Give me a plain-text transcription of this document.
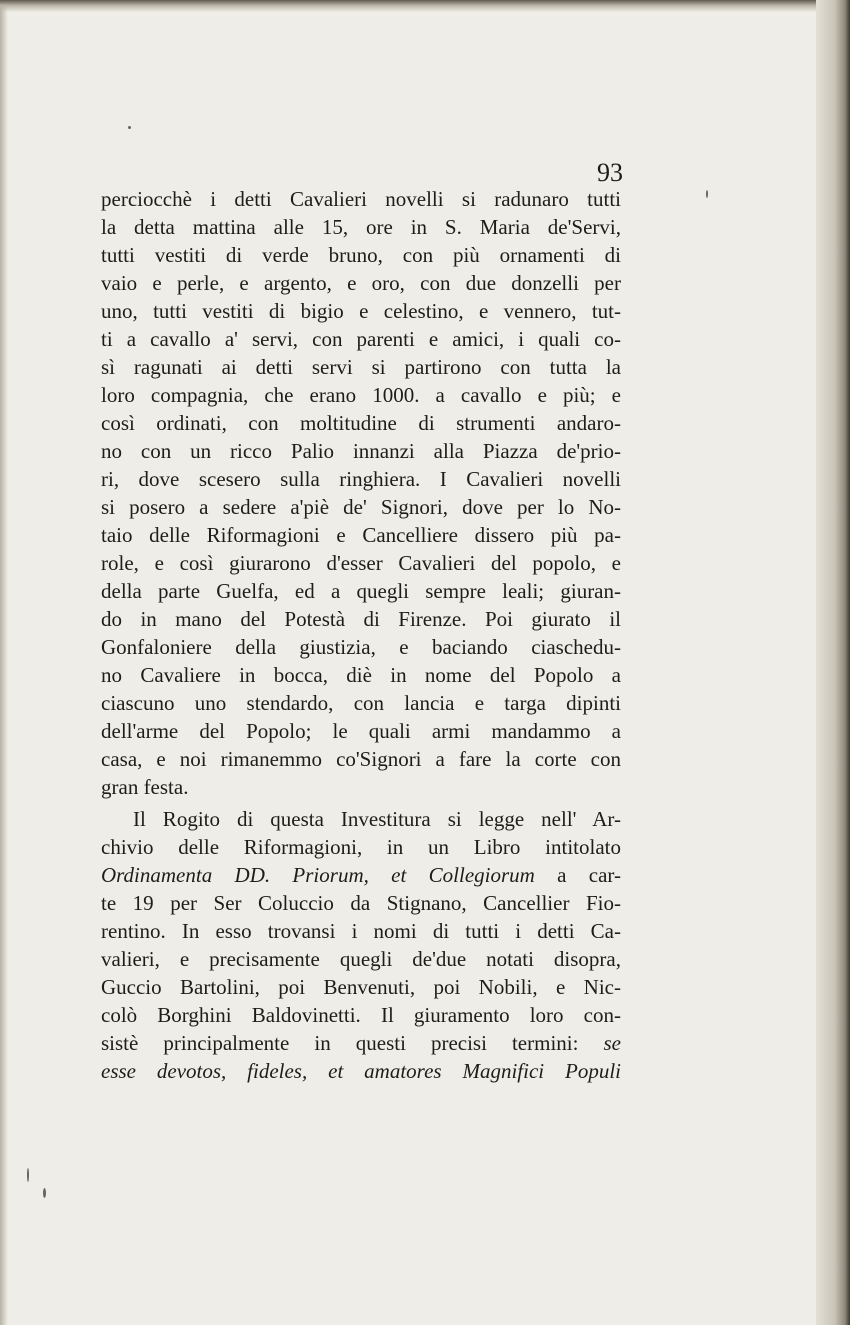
93
perciocchè i detti Cavalieri novelli si radunaro tutti
la detta mattina alle 15, ore in S. Maria de'Servi,
tutti vestiti di verde bruno, con più ornamenti di
vaio e perle, e argento, e oro, con due donzelli per
uno, tutti vestiti di bigio e celestino, e vennero, tut-
ti a cavallo a' servi, con parenti e amici, i quali co-
sì ragunati ai detti servi si partirono con tutta la
loro compagnia, che erano 1000. a cavallo e più; e
così ordinati, con moltitudine di strumenti andaro-
no con un ricco Palio innanzi alla Piazza de'prio-
ri, dove scesero sulla ringhiera. I Cavalieri novelli
si posero a sedere a'piè de' Signori, dove per lo No-
taio delle Riformagioni e Cancelliere dissero più pa-
role, e così giurarono d'esser Cavalieri del popolo, e
della parte Guelfa, ed a quegli sempre leali; giuran-
do in mano del Potestà di Firenze. Poi giurato il
Gonfaloniere della giustizia, e baciando ciaschedu-
no Cavaliere in bocca, diè in nome del Popolo a
ciascuno uno stendardo, con lancia e targa dipinti
dell'arme del Popolo; le quali armi mandammo a
casa, e noi rimanemmo co'Signori a fare la corte con
gran festa.
Il Rogito di questa Investitura si legge nell' Ar-
chivio delle Riformagioni, in un Libro intitolato
Ordinamenta DD. Priorum, et Collegiorum a car-
te 19 per Ser Coluccio da Stignano, Cancellier Fio-
rentino. In esso trovansi i nomi di tutti i detti Ca-
valieri, e precisamente quegli de'due notati disopra,
Guccio Bartolini, poi Benvenuti, poi Nobili, e Nic-
colò Borghini Baldovinetti. Il giuramento loro con-
sistè principalmente in questi precisi termini: se
esse devotos, fideles, et amatores Magnifici Populi
